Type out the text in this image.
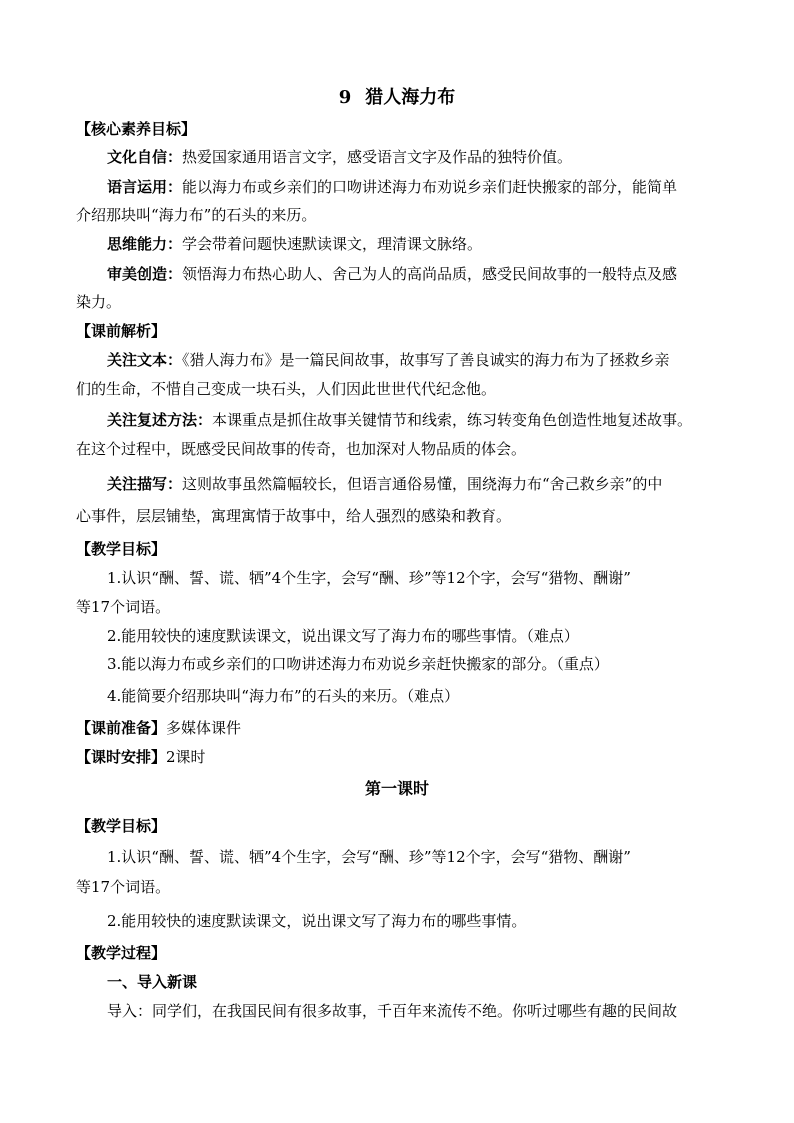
9 猎人海力布
【核心素养目标】
文化自信：热爱国家通用语言文字，感受语言文字及作品的独特价值。
语言运用：能以海力布或乡亲们的口吻讲述海力布劝说乡亲们赶快搬家的部分，能简单
介绍那块叫“海力布”的石头的来历。
思维能力：学会带着问题快速默读课文，理清课文脉络。
审美创造：领悟海力布热心助人、舍己为人的高尚品质，感受民间故事的一般特点及感
染力。
【课前解析】
关注文本：《猎人海力布》是一篇民间故事，故事写了善良诚实的海力布为了拯救乡亲
们的生命，不惜自己变成一块石头，人们因此世世代代纪念他。
关注复述方法：本课重点是抓住故事关键情节和线索，练习转变角色创造性地复述故事。
在这个过程中，既感受民间故事的传奇，也加深对人物品质的体会。
关注描写：这则故事虽然篇幅较长，但语言通俗易懂，围绕海力布“舍己救乡亲”的中
心事件，层层铺垫，寓理寓情于故事中，给人强烈的感染和教育。
【教学目标】
1.认识“酬、誓、谎、牺”4个生字，会写“酬、珍”等12个字，会写“猎物、酬谢”
等17个词语。
2.能用较快的速度默读课文，说出课文写了海力布的哪些事情。（难点）
3.能以海力布或乡亲们的口吻讲述海力布劝说乡亲赶快搬家的部分。（重点）
4.能简要介绍那块叫“海力布”的石头的来历。（难点）
【课前准备】多媒体课件
【课时安排】2课时
第一课时
【教学目标】
1.认识“酬、誓、谎、牺”4个生字，会写“酬、珍”等12个字，会写“猎物、酬谢”
等17个词语。
2.能用较快的速度默读课文，说出课文写了海力布的哪些事情。
【教学过程】
一、导入新课
导入：同学们，在我国民间有很多故事，千百年来流传不绝。你听过哪些有趣的民间故
